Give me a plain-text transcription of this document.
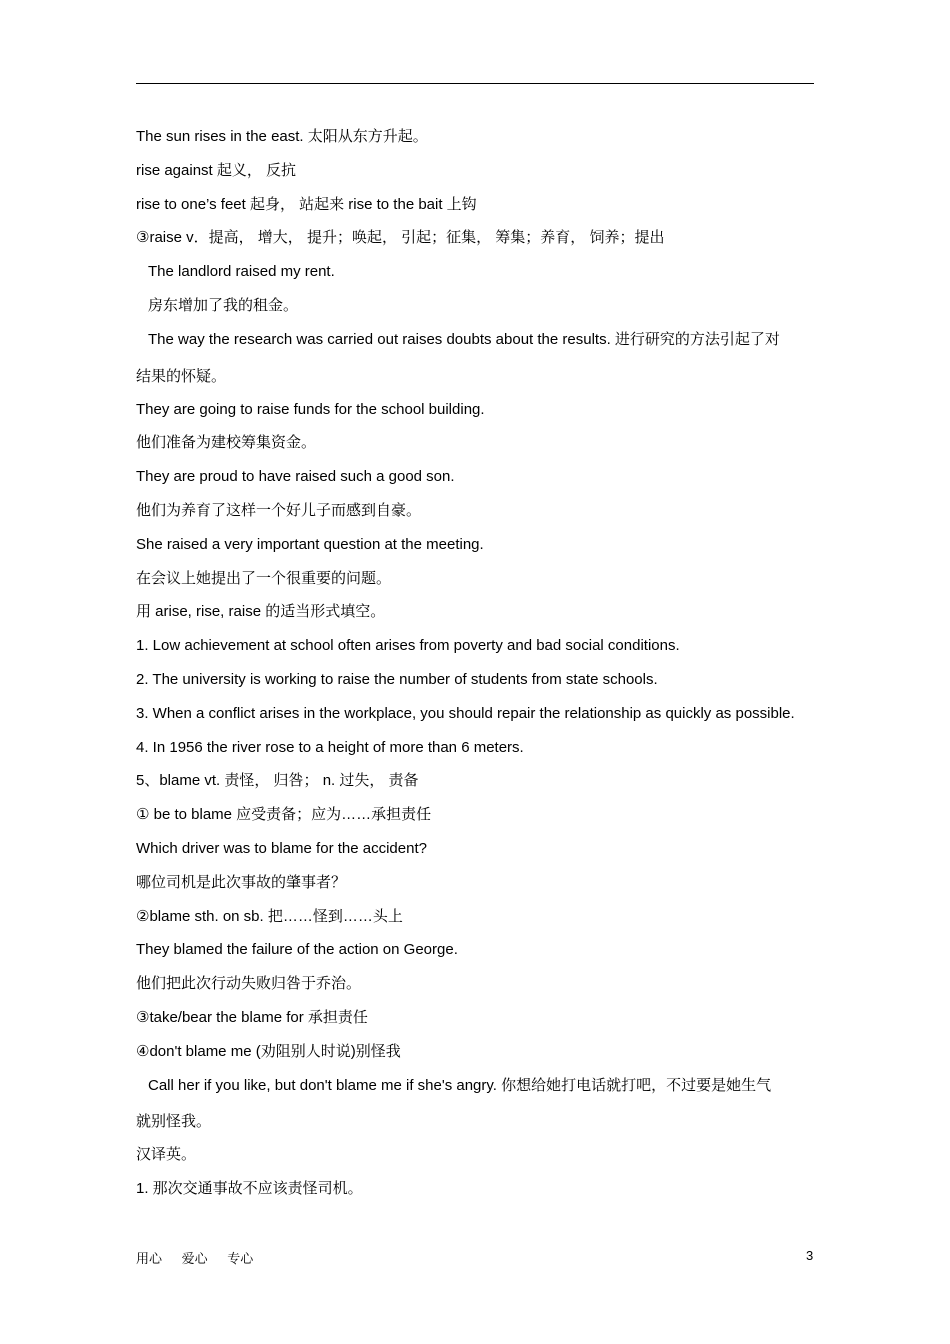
The sun rises in the east. 太阳从东方升起。
rise against 起义， 反抗
rise to one’s feet 起身， 站起来 rise to the bait 上钩
③raise v．提高， 增大， 提升；唤起， 引起；征集， 筹集；养育， 饲养；提出
The landlord raised my rent.
房东增加了我的租金。
The way the research was carried out raises doubts about the results. 进行研究的方法引起了对
结果的怀疑。
They are going to raise funds for the school building.
他们准备为建校筹集资金。
They are proud to have raised such a good son.
他们为养育了这样一个好儿子而感到自豪。
She raised a very important question at the meeting.
在会议上她提出了一个很重要的问题。
用 arise, rise, raise 的适当形式填空。
1. Low achievement at school often arises from poverty and bad social conditions.
2. The university is working to raise the number of students from state schools.
3. When a conflict arises in the workplace, you should repair the relationship as quickly as possible.
4. In 1956 the river rose to a height of more than 6 meters.
5、blame vt. 责怪， 归咎； n. 过失， 责备
① be to blame 应受责备；应为……承担责任
Which driver was to blame for the accident?
哪位司机是此次事故的肇事者？
②blame sth. on sb. 把……怪到……头上
They blamed the failure of the action on George.
他们把此次行动失败归咎于乔治。
③take/bear the blame for 承担责任
④don't blame me (劝阻别人时说)别怪我
Call her if you like, but don't blame me if she's angry. 你想给她打电话就打吧，不过要是她生气
就别怪我。
汉译英。
1. 那次交通事故不应该责怪司机。
用心 爱心 专心	3
